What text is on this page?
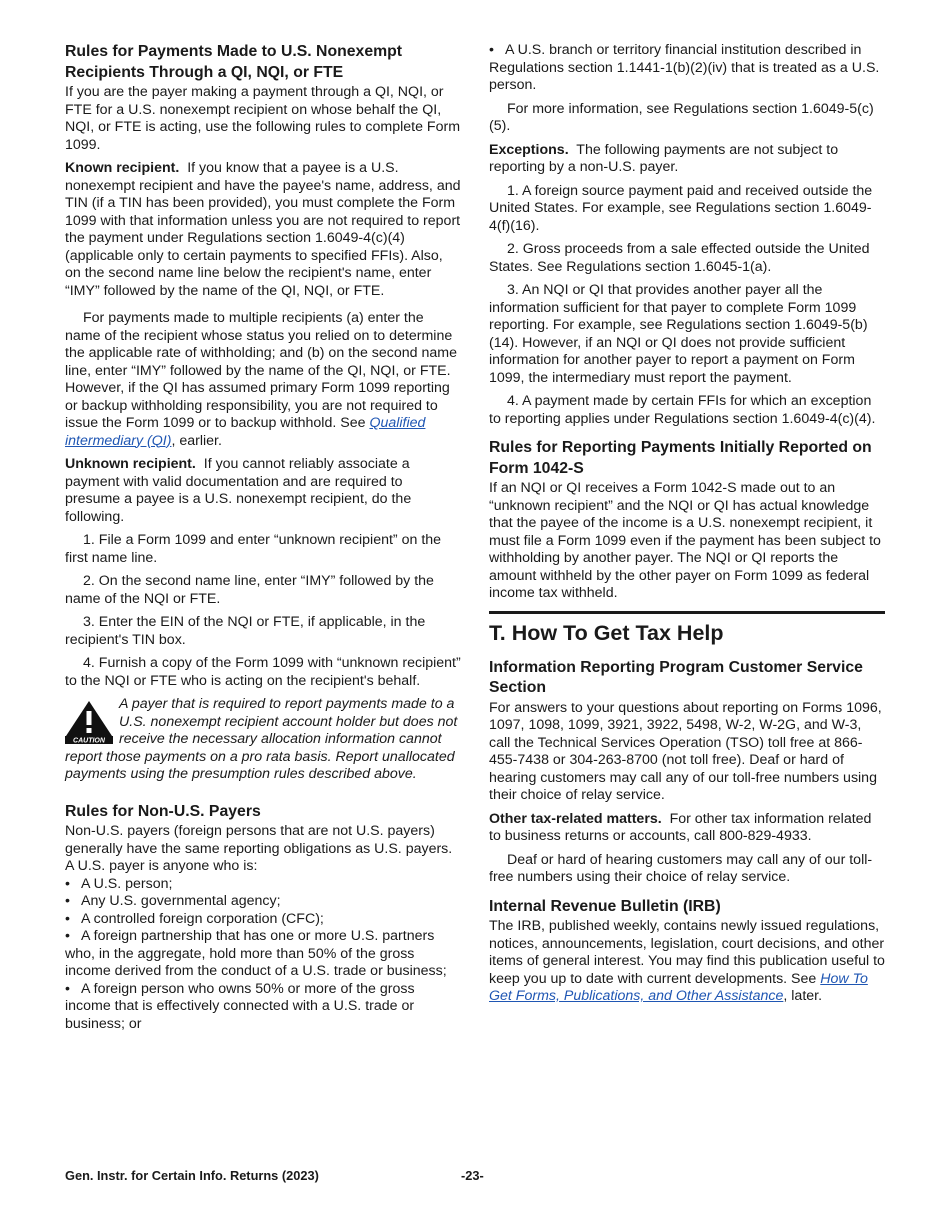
Rules for Payments Made to U.S. Nonexempt Recipients Through a QI, NQI, or FTE
If you are the payer making a payment through a QI, NQI, or FTE for a U.S. nonexempt recipient on whose behalf the QI, NQI, or FTE is acting, use the following rules to complete Form 1099.
Known recipient. If you know that a payee is a U.S. nonexempt recipient and have the payee's name, address, and TIN (if a TIN has been provided), you must complete the Form 1099 with that information unless you are not required to report the payment under Regulations section 1.6049-4(c)(4) (applicable only to certain payments to specified FFIs). Also, on the second name line below the recipient's name, enter “IMY” followed by the name of the QI, NQI, or FTE.
For payments made to multiple recipients (a) enter the name of the recipient whose status you relied on to determine the applicable rate of withholding; and (b) on the second name line, enter “IMY” followed by the name of the QI, NQI, or FTE. However, if the QI has assumed primary Form 1099 reporting or backup withholding responsibility, you are not required to issue the Form 1099 or to backup withhold. See Qualified intermediary (QI), earlier.
Unknown recipient. If you cannot reliably associate a payment with valid documentation and are required to presume a payee is a U.S. nonexempt recipient, do the following.
1. File a Form 1099 and enter “unknown recipient” on the first name line.
2. On the second name line, enter “IMY” followed by the name of the NQI or FTE.
3. Enter the EIN of the NQI or FTE, if applicable, in the recipient's TIN box.
4. Furnish a copy of the Form 1099 with “unknown recipient” to the NQI or FTE who is acting on the recipient's behalf.
CAUTION
A payer that is required to report payments made to a U.S. nonexempt recipient account holder but does not receive the necessary allocation information cannot report those payments on a pro rata basis. Report unallocated payments using the presumption rules described above.
Rules for Non-U.S. Payers
Non-U.S. payers (foreign persons that are not U.S. payers) generally have the same reporting obligations as U.S. payers. A U.S. payer is anyone who is:
• A U.S. person;
• Any U.S. governmental agency;
• A controlled foreign corporation (CFC);
• A foreign partnership that has one or more U.S. partners who, in the aggregate, hold more than 50% of the gross income derived from the conduct of a U.S. trade or business;
• A foreign person who owns 50% or more of the gross income that is effectively connected with a U.S. trade or business; or
• A U.S. branch or territory financial institution described in Regulations section 1.1441-1(b)(2)(iv) that is treated as a U.S. person.
For more information, see Regulations section 1.6049-5(c)(5).
Exceptions. The following payments are not subject to reporting by a non-U.S. payer.
1. A foreign source payment paid and received outside the United States. For example, see Regulations section 1.6049-4(f)(16).
2. Gross proceeds from a sale effected outside the United States. See Regulations section 1.6045-1(a).
3. An NQI or QI that provides another payer all the information sufficient for that payer to complete Form 1099 reporting. For example, see Regulations section 1.6049-5(b)(14). However, if an NQI or QI does not provide sufficient information for another payer to report a payment on Form 1099, the intermediary must report the payment.
4. A payment made by certain FFIs for which an exception to reporting applies under Regulations section 1.6049-4(c)(4).
Rules for Reporting Payments Initially Reported on Form 1042-S
If an NQI or QI receives a Form 1042-S made out to an “unknown recipient” and the NQI or QI has actual knowledge that the payee of the income is a U.S. nonexempt recipient, it must file a Form 1099 even if the payment has been subject to withholding by another payer. The NQI or QI reports the amount withheld by the other payer on Form 1099 as federal income tax withheld.
T. How To Get Tax Help
Information Reporting Program Customer Service Section
For answers to your questions about reporting on Forms 1096, 1097, 1098, 1099, 3921, 3922, 5498, W-2, W-2G, and W-3, call the Technical Services Operation (TSO) toll free at 866-455-7438 or 304-263-8700 (not toll free). Deaf or hard of hearing customers may call any of our toll-free numbers using their choice of relay service.
Other tax-related matters. For other tax information related to business returns or accounts, call 800-829-4933.
Deaf or hard of hearing customers may call any of our toll-free numbers using their choice of relay service.
Internal Revenue Bulletin (IRB)
The IRB, published weekly, contains newly issued regulations, notices, announcements, legislation, court decisions, and other items of general interest. You may find this publication useful to keep you up to date with current developments. See How To Get Forms, Publications, and Other Assistance, later.
Gen. Instr. for Certain Info. Returns (2023)	-23-
